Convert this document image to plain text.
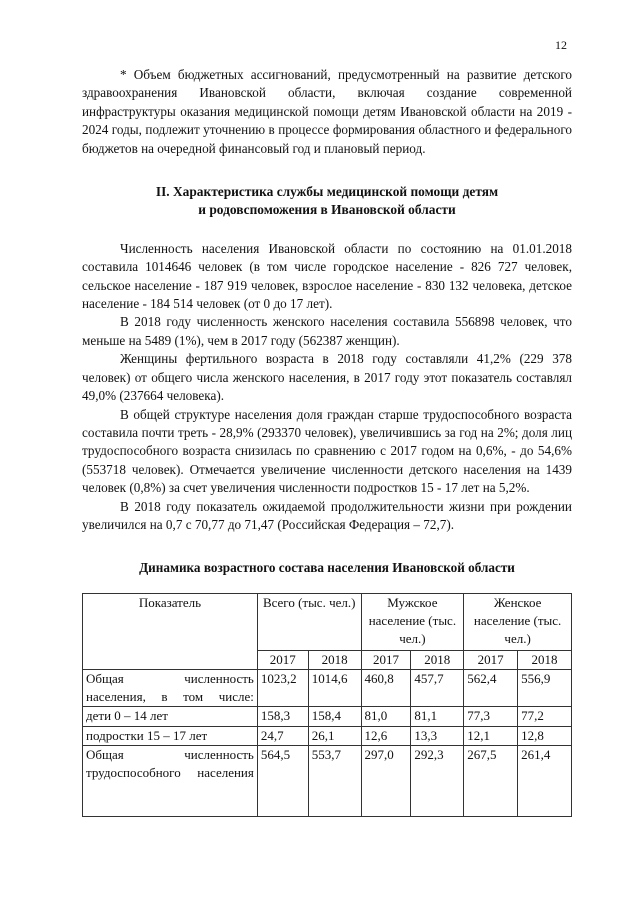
12

* Объем бюджетных ассигнований, предусмотренный на развитие детского здравоохранения Ивановской области, включая создание современной инфраструктуры оказания медицинской помощи детям Ивановской области на 2019 - 2024 годы, подлежит уточнению в процессе формирования областного и федерального бюджетов на очередной финансовый год и плановый период.

II. Характеристика службы медицинской помощи детям
и родовспоможения в Ивановской области

Численность населения Ивановской области по состоянию на 01.01.2018 составила 1014646 человек (в том числе городское население - 826 727 человек, сельское население - 187 919 человек, взрослое население - 830 132 человека, детское население - 184 514 человек (от 0 до 17 лет).

В 2018 году численность женского населения составила 556898 человек, что меньше на 5489 (1%), чем в 2017 году (562387 женщин).

Женщины фертильного возраста в 2018 году составляли 41,2% (229 378 человек) от общего числа женского населения, в 2017 году этот показатель составлял 49,0% (237664 человека).

В общей структуре населения доля граждан старше трудоспособного возраста составила почти треть - 28,9% (293370 человек), увеличившись за год на 2%; доля лиц трудоспособного возраста снизилась по сравнению с 2017 годом на 0,6%, - до 54,6% (553718 человек). Отмечается увеличение численности детского населения на 1439 человек (0,8%) за счет увеличения численности подростков 15 - 17 лет на 5,2%.

В 2018 году показатель ожидаемой продолжительности жизни при рождении увеличился на 0,7 с 70,77 до 71,47 (Российская Федерация – 72,7).

Динамика возрастного состава населения Ивановской области
Показатель	Всего (тыс. чел.)		Мужское население (тыс. чел.)		Женское население (тыс. чел.)	
	2017	2018	2017	2018	2017	2018
Общая численность населения, в том числе:	1023,2	1014,6	460,8	457,7	562,4	556,9
дети 0 – 14 лет	158,3	158,4	81,0	81,1	77,3	77,2
подростки 15 – 17 лет	24,7	26,1	12,6	13,3	12,1	12,8
Общая численность трудоспособного населения	564,5	553,7	297,0	292,3	267,5	261,4
